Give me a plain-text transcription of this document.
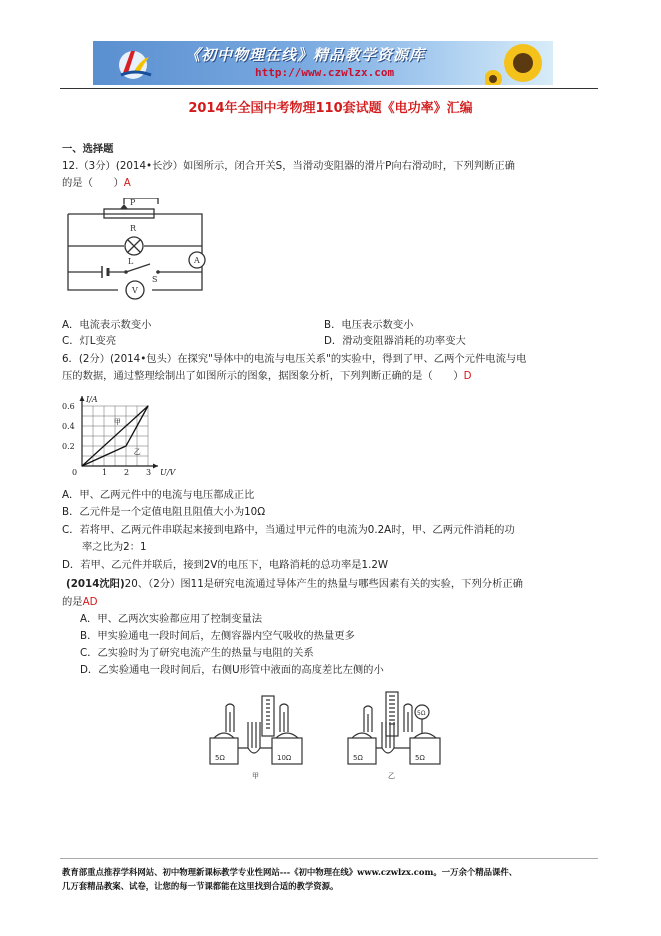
《初中物理在线》精品教学资源库
http://www.czwlzx.com
2014年全国中考物理110套试题《电功率》汇编
一、选择题
12.（3分）(2014•长沙）如图所示，闭合开关S，当滑动变阻器的滑片P向右滑动时，下列判断正确
的是（　　）A
P
R
L
S
A
V
A．电流表示数变小	B．电压表示数变小
C．灯L变亮	D．滑动变阻器消耗的功率变大
6．(2分）(2014•包头）在探究"导体中的电流与电压关系"的实验中，得到了甲、乙两个元件电流与电
压的数据，通过整理绘制出了如图所示的图象，据图象分析，下列判断正确的是（　　）D
0	1 2 3
0.2
0.4
0.6
U/V
I/A
甲
乙
A．甲、乙两元件中的电流与电压都成正比
B．乙元件是一个定值电阻且阻值大小为10Ω
C．若将甲、乙两元件串联起来接到电路中，当通过甲元件的电流为0.2A时，甲、乙两元件消耗的功
率之比为2：1
D．若甲、乙元件并联后，接到2V的电压下，电路消耗的总功率是1.2W
(2014沈阳)20、（2分）图11是研究电流通过导体产生的热量与哪些因素有关的实验，下列分析正确
的是AD
A．甲、乙两次实验都应用了控制变量法
B．甲实验通电一段时间后，左侧容器内空气吸收的热量更多
C．乙实验时为了研究电流产生的热量与电阻的关系
D．乙实验通电一段时间后，右侧U形管中液面的高度差比左侧的小
5Ω	10Ω	5Ω	5Ω
5Ω
甲	乙
教育部重点推荐学科网站、初中物理新课标教学专业性网站---《初中物理在线》www.czwlzx.com。一万余个精品课件、
几万套精品教案、试卷，让您的每一节课都能在这里找到合适的教学资源。
